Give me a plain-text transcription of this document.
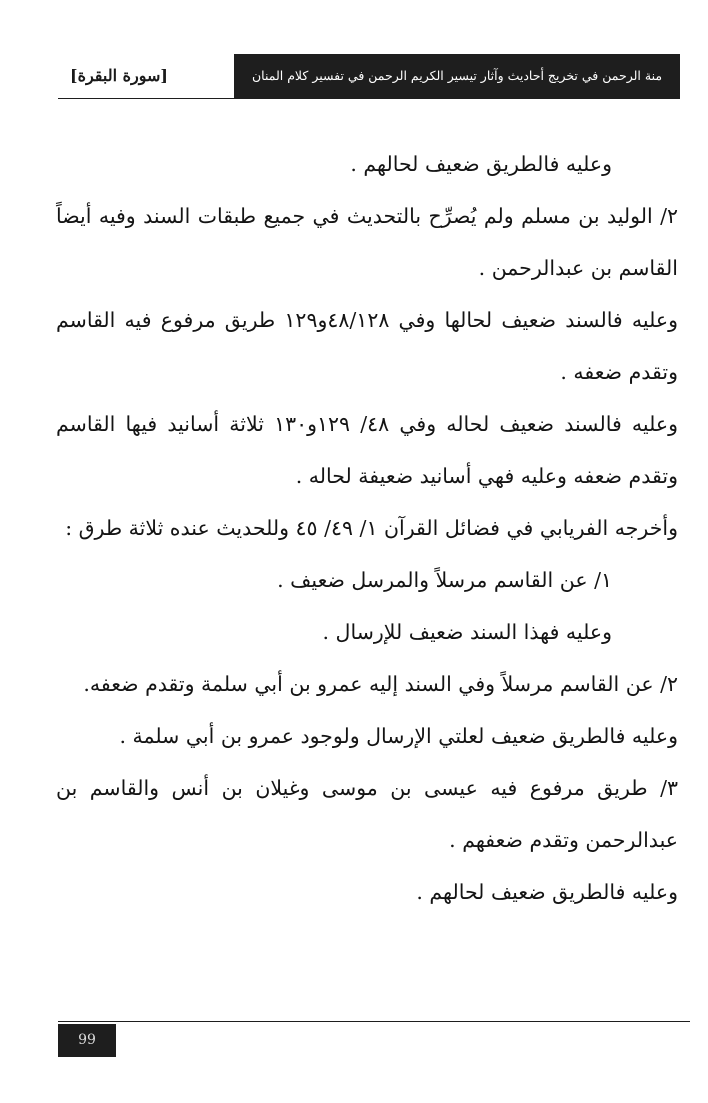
[سورة البقرة]	منة الرحمن في تخريج أحاديث وآثار تيسير الكريم الرحمن في تفسير كلام المنان

وعليه فالطريق ضعيف لحالهم .

٢/ الوليد بن مسلم ولم يُصرِّح بالتحديث في جميع طبقات السند وفيه أيضاً القاسم بن عبدالرحمن .

وعليه فالسند ضعيف لحالها وفي ٤٨/١٢٨و١٢٩ طريق مرفوع فيه القاسم وتقدم ضعفه .

وعليه فالسند ضعيف لحاله وفي ٤٨/ ١٢٩و١٣٠ ثلاثة أسانيد فيها القاسم وتقدم ضعفه وعليه فهي أسانيد ضعيفة لحاله .

وأخرجه الفريابي في فضائل القرآن ١/ ٤٩/ ٤٥ وللحديث عنده ثلاثة طرق :

١/ عن القاسم مرسلاً والمرسل ضعيف .

وعليه فهذا السند ضعيف للإرسال .

٢/ عن القاسم مرسلاً وفي السند إليه عمرو بن أبي سلمة وتقدم ضعفه.

وعليه فالطريق ضعيف لعلتي الإرسال ولوجود عمرو بن أبي سلمة .

٣/ طريق مرفوع فيه عيسى بن موسى وغيلان بن أنس والقاسم بن عبدالرحمن وتقدم ضعفهم .

وعليه فالطريق ضعيف لحالهم .

99
